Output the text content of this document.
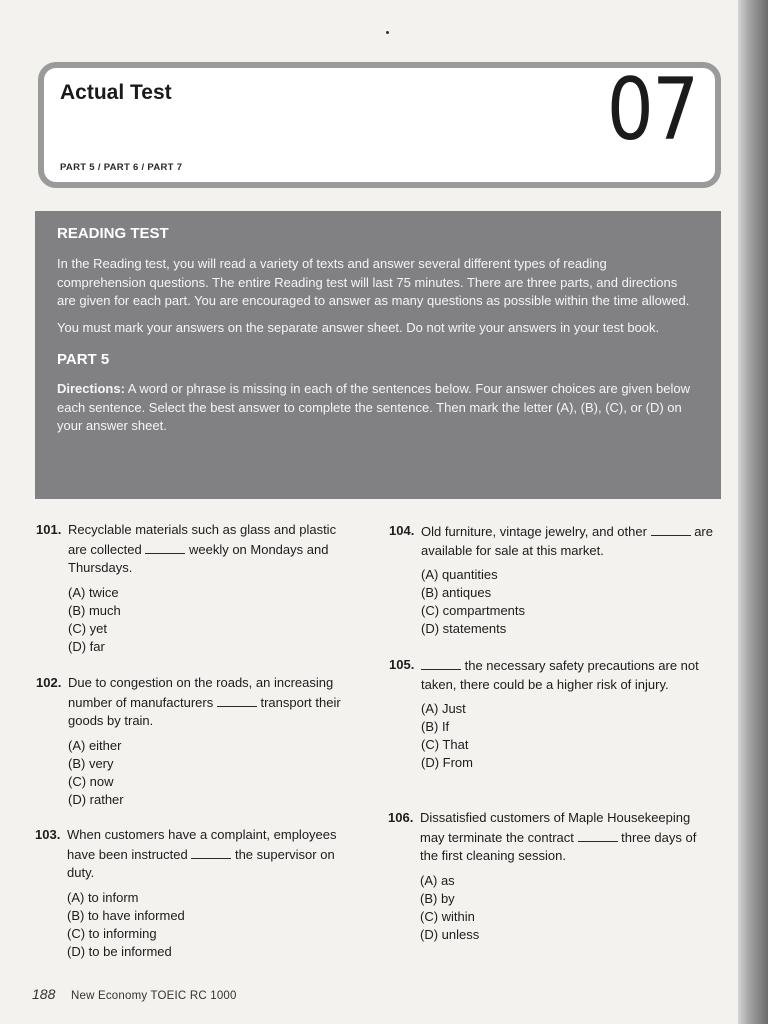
Actual Test
PART 5 / PART 6 / PART 7
07
READING TEST

In the Reading test, you will read a variety of texts and answer several different types of reading comprehension questions. The entire Reading test will last 75 minutes. There are three parts, and directions are given for each part. You are encouraged to answer as many questions as possible within the time allowed.

You must mark your answers on the separate answer sheet. Do not write your answers in your test book.

PART 5

Directions: A word or phrase is missing in each of the sentences below. Four answer choices are given below each sentence. Select the best answer to complete the sentence. Then mark the letter (A), (B), (C), or (D) on your answer sheet.

101. Recyclable materials such as glass and plastic are collected	weekly on Mondays and Thursdays.
(A) twice
(B) much
(C) yet
(D) far
102. Due to congestion on the roads, an increasing number of manufacturers	transport their goods by train.
(A) either
(B) very
(C) now
(D) rather
103. When customers have a complaint, employees have been instructed	the supervisor on duty.
(A) to inform
(B) to have informed
(C) to informing
(D) to be informed
104. Old furniture, vintage jewelry, and other	are available for sale at this market.
(A) quantities
(B) antiques
(C) compartments
(D) statements
105.	the necessary safety precautions are not taken, there could be a higher risk of injury.
(A) Just
(B) If
(C) That
(D) From
106. Dissatisfied customers of Maple Housekeeping may terminate the contract	three days of the first cleaning session.
(A) as
(B) by
(C) within
(D) unless
188 New Economy TOEIC RC 1000
